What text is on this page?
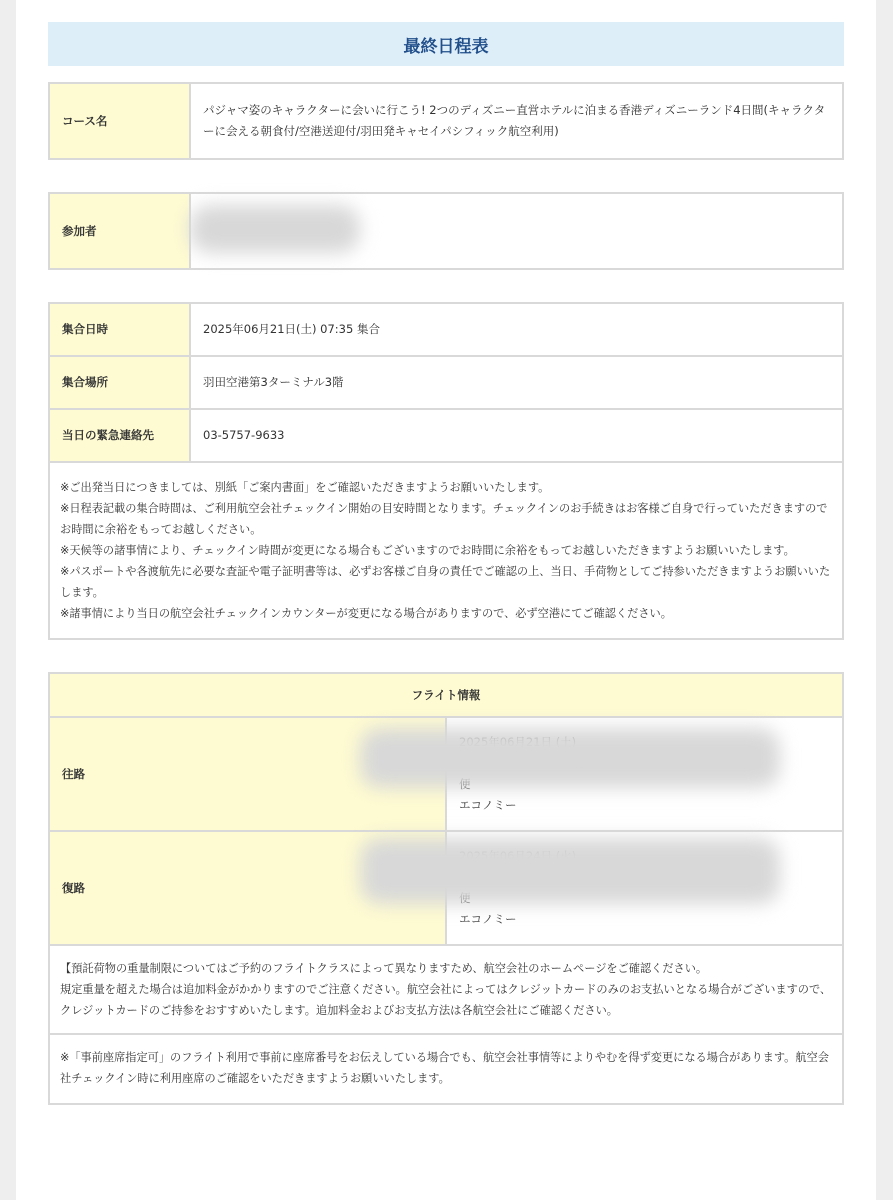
最終日程表
コース名	パジャマ姿のキャラクターに会いに行こう! 2つのディズニー直営ホテルに泊まる香港ディズニーランド4日間(キャラクターに会える朝食付/空港送迎付/羽田発キャセイパシフィック航空利用)
参加者	
集合日時	2025年06月21日(土) 07:35 集合
集合場所	羽田空港第3ターミナル3階
当日の緊急連絡先	03-5757-9633

※ご出発当日につきましては、別紙「ご案内書面」をご確認いただきますようお願いいたします。
※日程表記載の集合時間は、ご利用航空会社チェックイン開始の目安時間となります。チェックインのお手続きはお客様ご自身で行っていただきますのでお時間に余裕をもってお越しください。
※天候等の諸事情により、チェックイン時間が変更になる場合もございますのでお時間に余裕をもってお越しいただきますようお願いいたします。
※パスポートや各渡航先に必要な査証や電子証明書等は、必ずお客様ご自身の責任でご確認の上、当日、手荷物としてご持参いただきますようお願いいたします。
※諸事情により当日の航空会社チェックインカウンターが変更になる場合がありますので、必ず空港にてご確認ください。	
フライト情報	
往路	エコノミー

復路	エコノミー

【預託荷物の重量制限についてはご予約のフライトクラスによって異なりますため、航空会社のホームページをご確認ください。
規定重量を超えた場合は追加料金がかかりますのでご注意ください。航空会社によってはクレジットカードのみのお支払いとなる場合がございますので、クレジットカードのご持参をおすすめいたします。追加料金およびお支払方法は各航空会社にご確認ください。	

※「事前座席指定可」のフライト利用で事前に座席番号をお伝えしている場合でも、航空会社事情等によりやむを得ず変更になる場合があります。航空会社チェックイン時に利用座席のご確認をいただきますようお願いいたします。	
